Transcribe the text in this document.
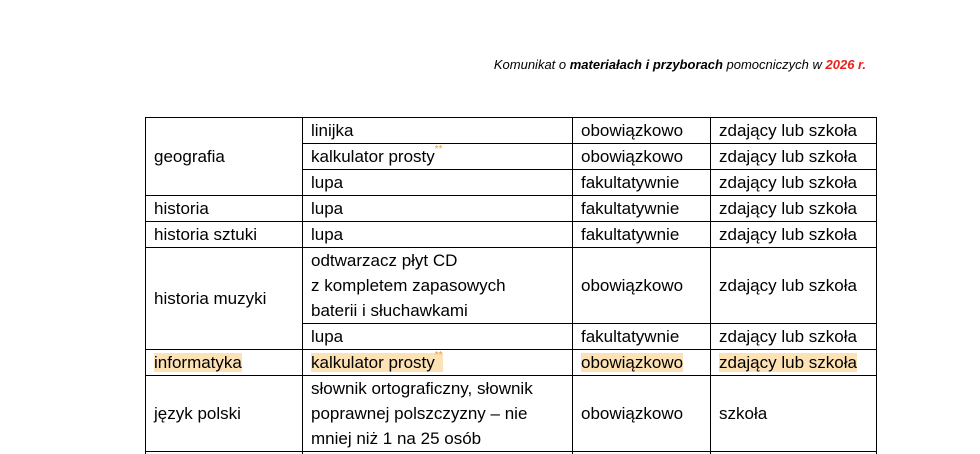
Komunikat o materiałach i przyborach pomocniczych w 2026 r.
geografia	linijka	obowiązkowo	zdający lub szkoła
	kalkulator prosty**	obowiązkowo	zdający lub szkoła
	lupa	fakultatywnie	zdający lub szkoła
historia	lupa	fakultatywnie	zdający lub szkoła
historia sztuki	lupa	fakultatywnie	zdający lub szkoła
historia muzyki	odtwarzacz płyt CD
z kompletem zapasowych
baterii i słuchawkami	obowiązkowo	zdający lub szkoła
	lupa	fakultatywnie	zdający lub szkoła
informatyka	kalkulator prosty**	obowiązkowo	zdający lub szkoła
język polski	słownik ortograficzny, słownik
poprawnej polszczyzny – nie
mniej niż 1 na 25 osób	obowiązkowo	szkoła
